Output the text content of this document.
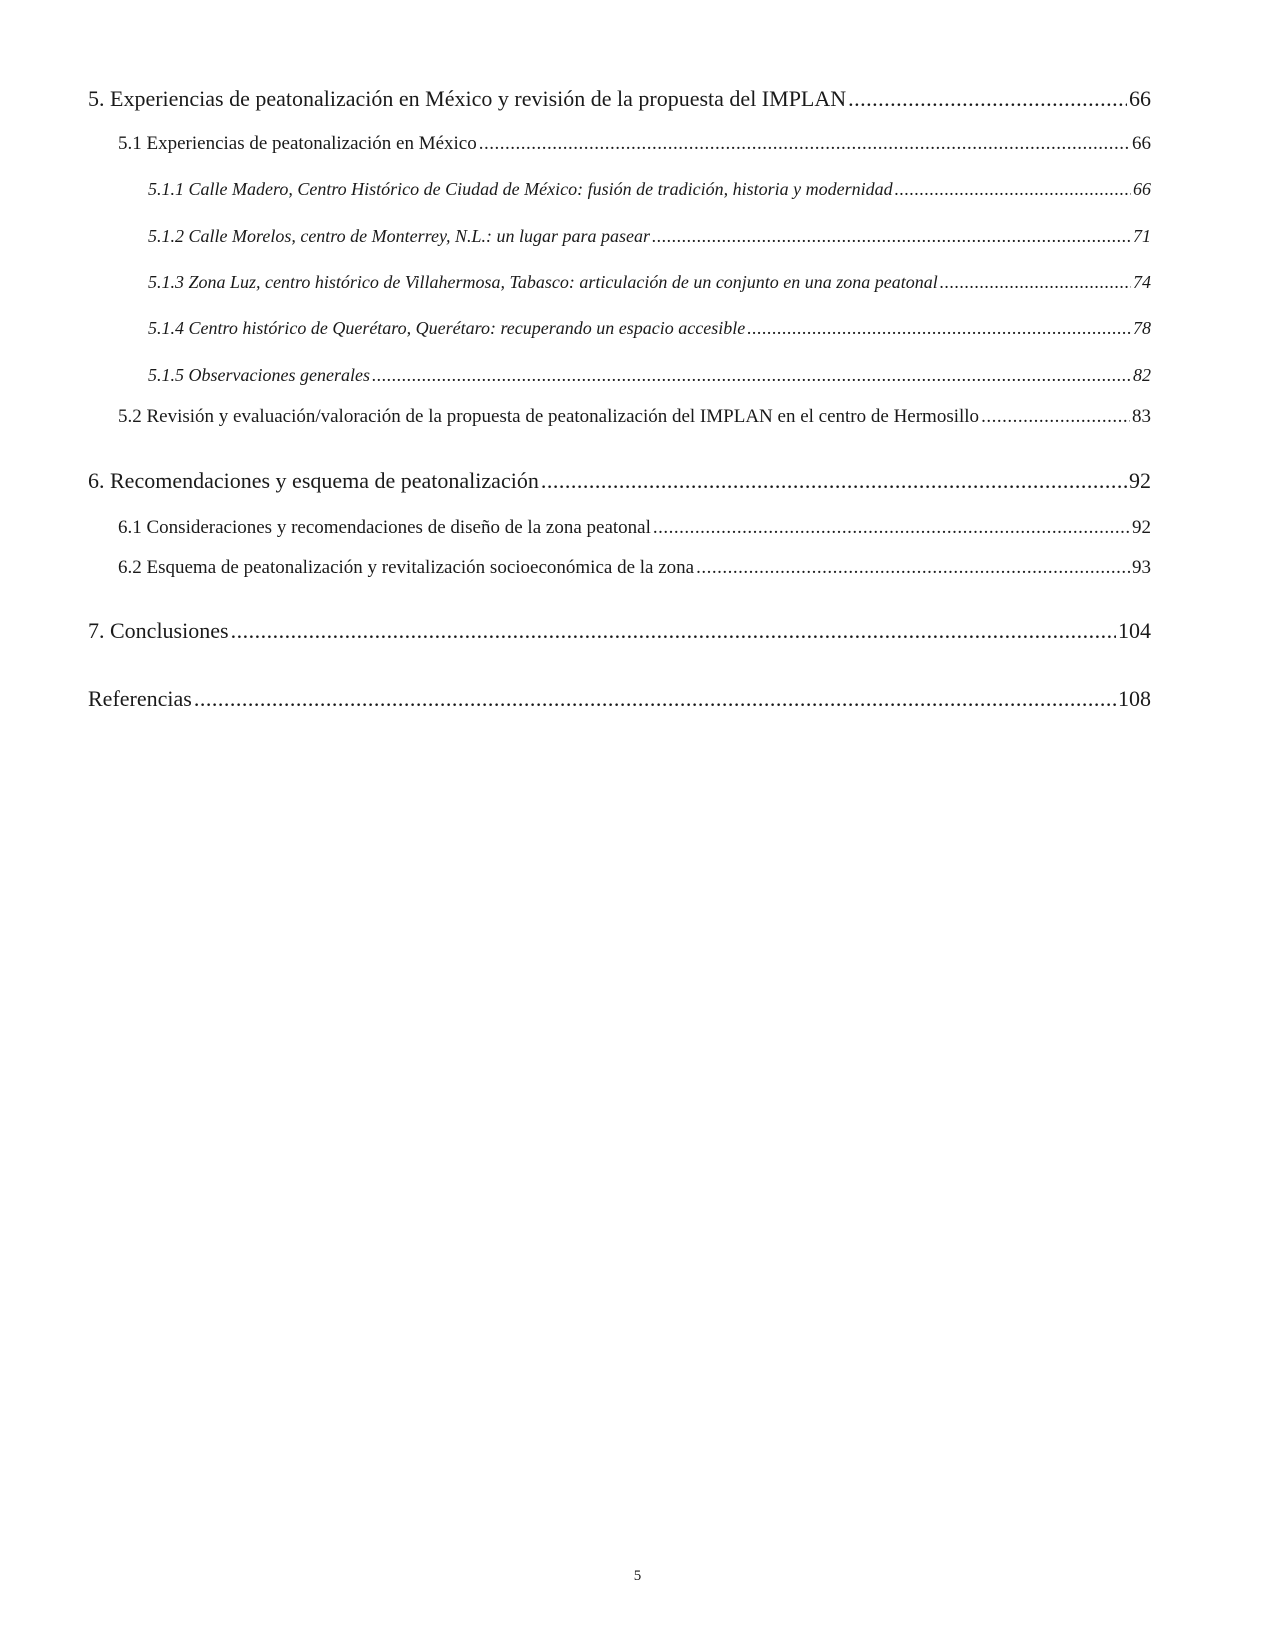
5. Experiencias de peatonalización en México y revisión de la propuesta del IMPLAN .....	66
5.1 Experiencias de peatonalización en México .....	66
5.1.1 Calle Madero, Centro Histórico de Ciudad de México: fusión de tradición, historia y modernidad .....	66
5.1.2 Calle Morelos, centro de Monterrey, N.L.: un lugar para pasear .....	71
5.1.3 Zona Luz, centro histórico de Villahermosa, Tabasco: articulación de un conjunto en una zona peatonal .....	74
5.1.4 Centro histórico de Querétaro, Querétaro: recuperando un espacio accesible .....	78
5.1.5 Observaciones generales .....	82
5.2 Revisión y evaluación/valoración de la propuesta de peatonalización del IMPLAN en el centro de Hermosillo .....	83
6. Recomendaciones y esquema de peatonalización .....	92
6.1 Consideraciones y recomendaciones de diseño de la zona peatonal .....	92
6.2 Esquema de peatonalización y revitalización socioeconómica de la zona .....	93
7. Conclusiones .....	104
Referencias .....	108
5
